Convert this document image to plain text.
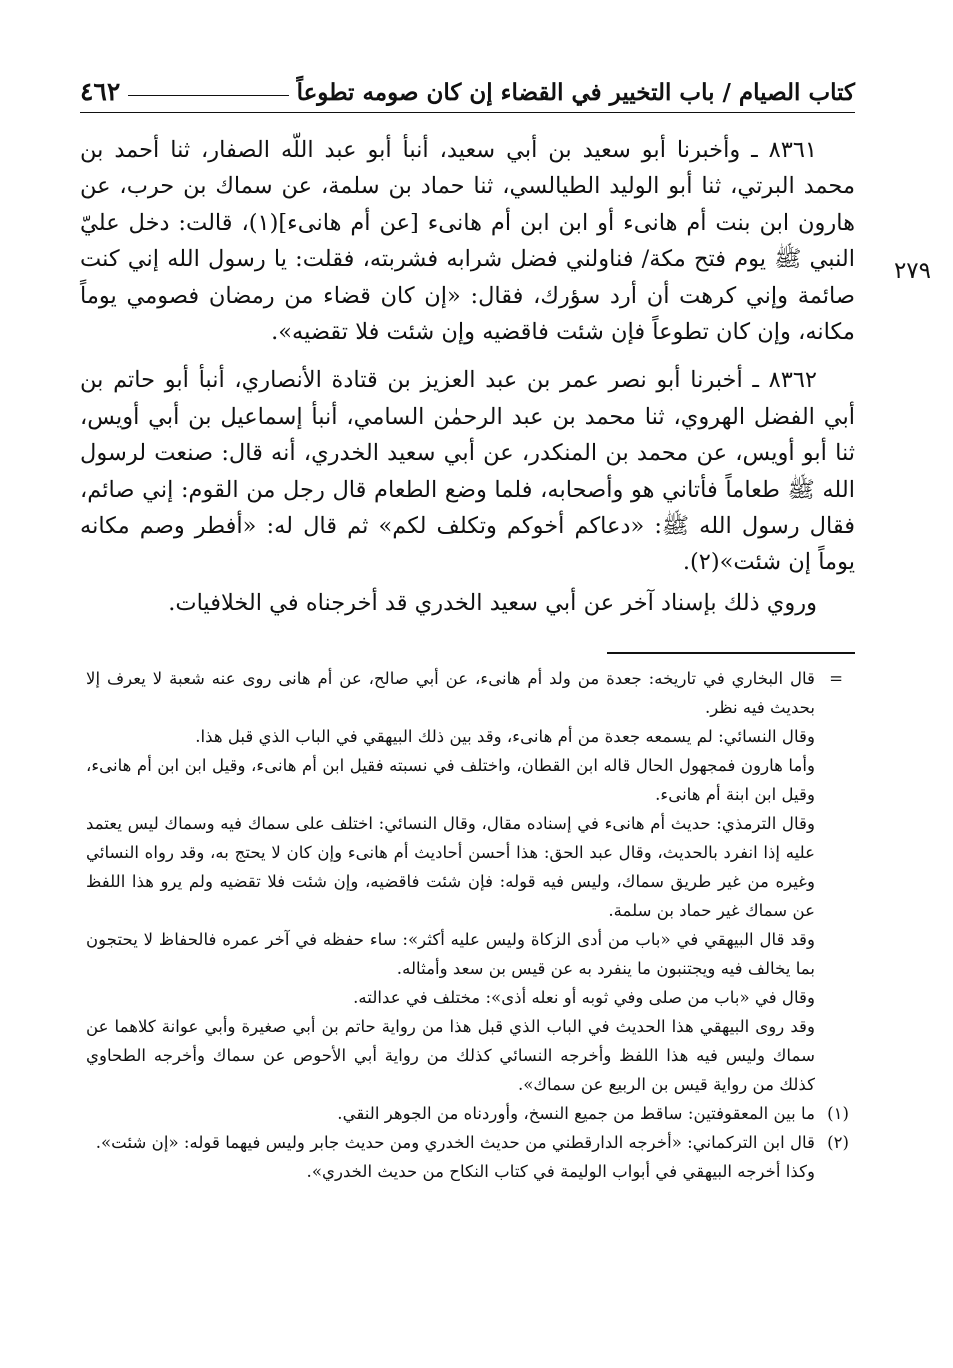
كتاب الصيام / باب التخيير في القضاء إن كان صومه تطوعاً
٤٦٢
٢٧٩

٨٣٦١ ـ وأخبرنا أبو سعيد بن أبي سعيد، أنبأ أبو عبد اللّه الصفار، ثنا أحمد بن محمد البرتي، ثنا أبو الوليد الطيالسي، ثنا حماد بن سلمة، عن سماك بن حرب، عن هارون ابن بنت أم هانىء أو ابن ابن أم هانىء [عن أم هانىء](١)، قالت: دخل عليّ النبي ﷺ يوم فتح مكة/ فناولني فضل شرابه فشربته، فقلت: يا رسول الله إني كنت صائمة وإني كرهت أن أرد سؤرك، فقال: «إن كان قضاء من رمضان فصومي يوماً مكانه، وإن كان تطوعاً فإن شئت فاقضيه وإن شئت فلا تقضيه».

٨٣٦٢ ـ أخبرنا أبو نصر عمر بن عبد العزيز بن قتادة الأنصاري، أنبأ أبو حاتم بن أبي الفضل الهروي، ثنا محمد بن عبد الرحمٰن السامي، أنبأ إسماعيل بن أبي أويس، ثنا أبو أويس، عن محمد بن المنكدر، عن أبي سعيد الخدري، أنه قال: صنعت لرسول الله ﷺ طعاماً فأتاني هو وأصحابه، فلما وضع الطعام قال رجل من القوم: إني صائم، فقال رسول الله ﷺ: «دعاكم أخوكم وتكلف لكم» ثم قال له: «أفطر وصم مكانه يوماً إن شئت»(٢).

وروي ذلك بإسناد آخر عن أبي سعيد الخدري قد أخرجناه في الخلافيات.

=
قال البخاري في تاريخه: جعدة من ولد أم هانىء، عن أبي صالح، عن أم هانى روى عنه شعبة لا يعرف إلا بحديث فيه نظر.
وقال النسائي: لم يسمعه جعدة من أم هانىء، وقد بين ذلك البيهقي في الباب الذي قبل هذا.
وأما هارون فمجهول الحال قاله ابن القطان، واختلف في نسبته فقيل ابن أم هانىء، وقيل ابن ابن أم هانىء، وقيل ابن ابنة أم هانىء.
وقال الترمذي: حديث أم هانىء في إسناده مقال، وقال النسائي: اختلف على سماك فيه وسماك ليس يعتمد عليه إذا انفرد بالحديث، وقال عبد الحق: هذا أحسن أحاديث أم هانىء وإن كان لا يحتج به، وقد رواه النسائي وغيره من غير طريق سماك، وليس فيه قوله: فإن شئت فاقضيه، وإن شئت فلا تقضيه ولم يرو هذا اللفظ عن سماك غير حماد بن سلمة.
وقد قال البيهقي في «باب من أدى الزكاة وليس عليه أكثر»: ساء حفظه في آخر عمره فالحفاظ لا يحتجون بما يخالف فيه ويجتنبون ما ينفرد به عن قيس بن سعد وأمثاله.
وقال في «باب من صلى وفي ثوبه أو نعله أذى»: مختلف في عدالته.
وقد روى البيهقي هذا الحديث في الباب الذي قبل هذا من رواية حاتم بن أبي صغيرة وأبي عوانة كلاهما عن سماك وليس فيه هذا اللفظ وأخرجه النسائي كذلك من رواية أبي الأحوص عن سماك وأخرجه الطحاوي كذلك من رواية قيس بن الربيع عن سماك».
(١)
ما بين المعقوفتين: ساقط من جميع النسخ، وأوردناه من الجوهر النقي.
(٢)
قال ابن التركماني: «أخرجه الدارقطني من حديث الخدري ومن حديث جابر وليس فيهما قوله: «إن شئت».
وكذا أخرجه البيهقي في أبواب الوليمة في كتاب النكاح من حديث الخدري».
